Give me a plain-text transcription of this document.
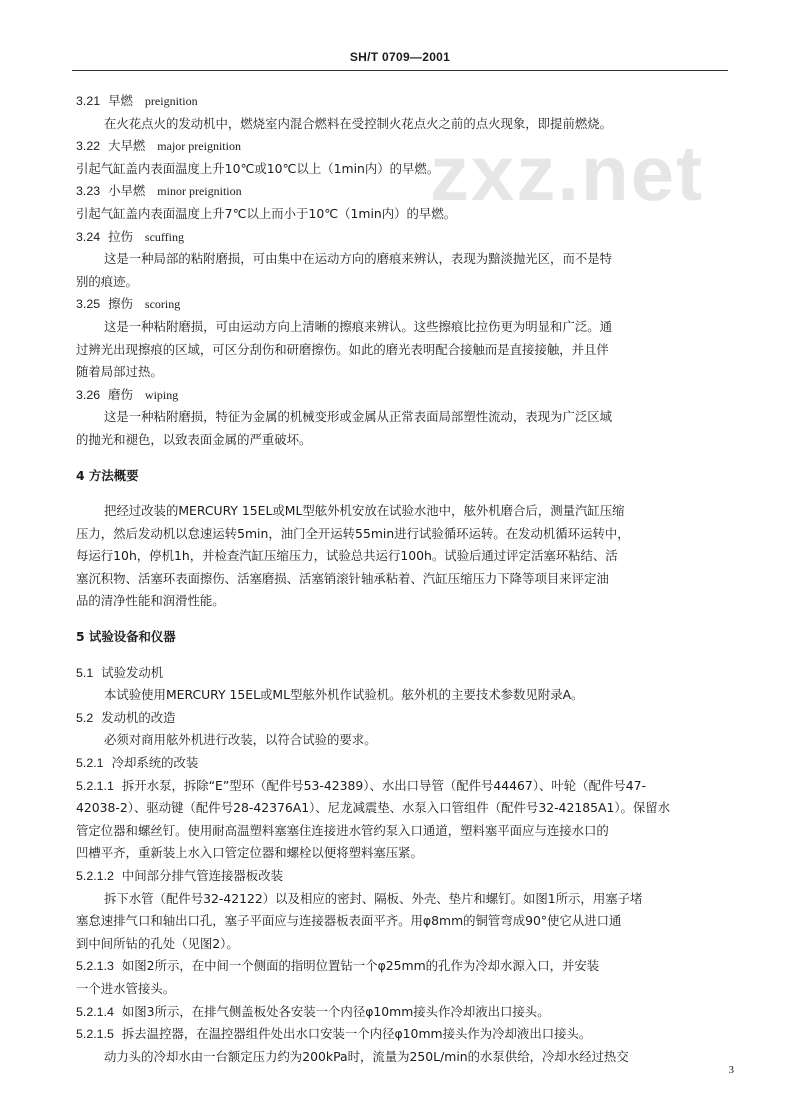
SH/T 0709—2001
zxz.net
3.21 早燃 preignition
在火花点火的发动机中，燃烧室内混合燃料在受控制火花点火之前的点火现象，即提前燃烧。
3.22 大早燃 major preignition
引起气缸盖内表面温度上升10℃或10℃以上（1min内）的早燃。
3.23 小早燃 minor preignition
引起气缸盖内表面温度上升7℃以上而小于10℃（1min内）的早燃。
3.24 拉伤 scuffing
这是一种局部的粘附磨损，可由集中在运动方向的磨痕来辨认，表现为黯淡抛光区，而不是特
别的痕迹。
3.25 擦伤 scoring
这是一种粘附磨损，可由运动方向上清晰的擦痕来辨认。这些擦痕比拉伤更为明显和广泛。通
过辨光出现擦痕的区域，可区分刮伤和研磨擦伤。如此的磨光表明配合接触而是直接接触，并且伴
随着局部过热。
3.26 磨伤 wiping
这是一种粘附磨损，特征为金属的机械变形或金属从正常表面局部塑性流动，表现为广泛区域
的抛光和褪色，以致表面金属的严重破坏。
4 方法概要
把经过改装的MERCURY 15EL或ML型舷外机安放在试验水池中，舷外机磨合后，测量汽缸压缩
压力，然后发动机以怠速运转5min，油门全开运转55min进行试验循环运转。在发动机循环运转中，
每运行10h，停机1h，并检查汽缸压缩压力，试验总共运行100h。试验后通过评定活塞环粘结、活
塞沉积物、活塞环表面擦伤、活塞磨损、活塞销滚针轴承粘着、汽缸压缩压力下降等项目来评定油
品的清净性能和润滑性能。
5 试验设备和仪器
5.1 试验发动机
本试验使用MERCURY 15EL或ML型舷外机作试验机。舷外机的主要技术参数见附录A。
5.2 发动机的改造
必须对商用舷外机进行改装，以符合试验的要求。
5.2.1 冷却系统的改装
5.2.1.1 拆开水泵，拆除“E”型环（配件号53-42389）、水出口导管（配件号44467）、叶轮（配件号47-
42038-2）、驱动键（配件号28-42376A1）、尼龙减震垫、水泵入口管组件（配件号32-42185A1）。保留水
管定位器和螺丝钉。使用耐高温塑料塞塞住连接进水管约泵入口通道，塑料塞平面应与连接水口的
凹槽平齐，重新装上水入口管定位器和螺栓以便将塑料塞压紧。
5.2.1.2 中间部分排气管连接器板改装
拆下水管（配件号32-42122）以及相应的密封、隔板、外壳、垫片和螺钉。如图1所示，用塞子堵
塞怠速排气口和轴出口孔，塞子平面应与连接器板表面平齐。用φ8mm的铜管弯成90°使它从进口通
到中间所钻的孔处（见图2）。
5.2.1.3 如图2所示，在中间一个侧面的指明位置钻一个φ25mm的孔作为冷却水源入口，并安装
一个进水管接头。
5.2.1.4 如图3所示，在排气侧盖板处各安装一个内径φ10mm接头作冷却液出口接头。
5.2.1.5 拆去温控器，在温控器组件处出水口安装一个内径φ10mm接头作为冷却液出口接头。
动力头的冷却水由一台额定压力约为200kPa时，流量为250L/min的水泵供给，冷却水经过热交
3
